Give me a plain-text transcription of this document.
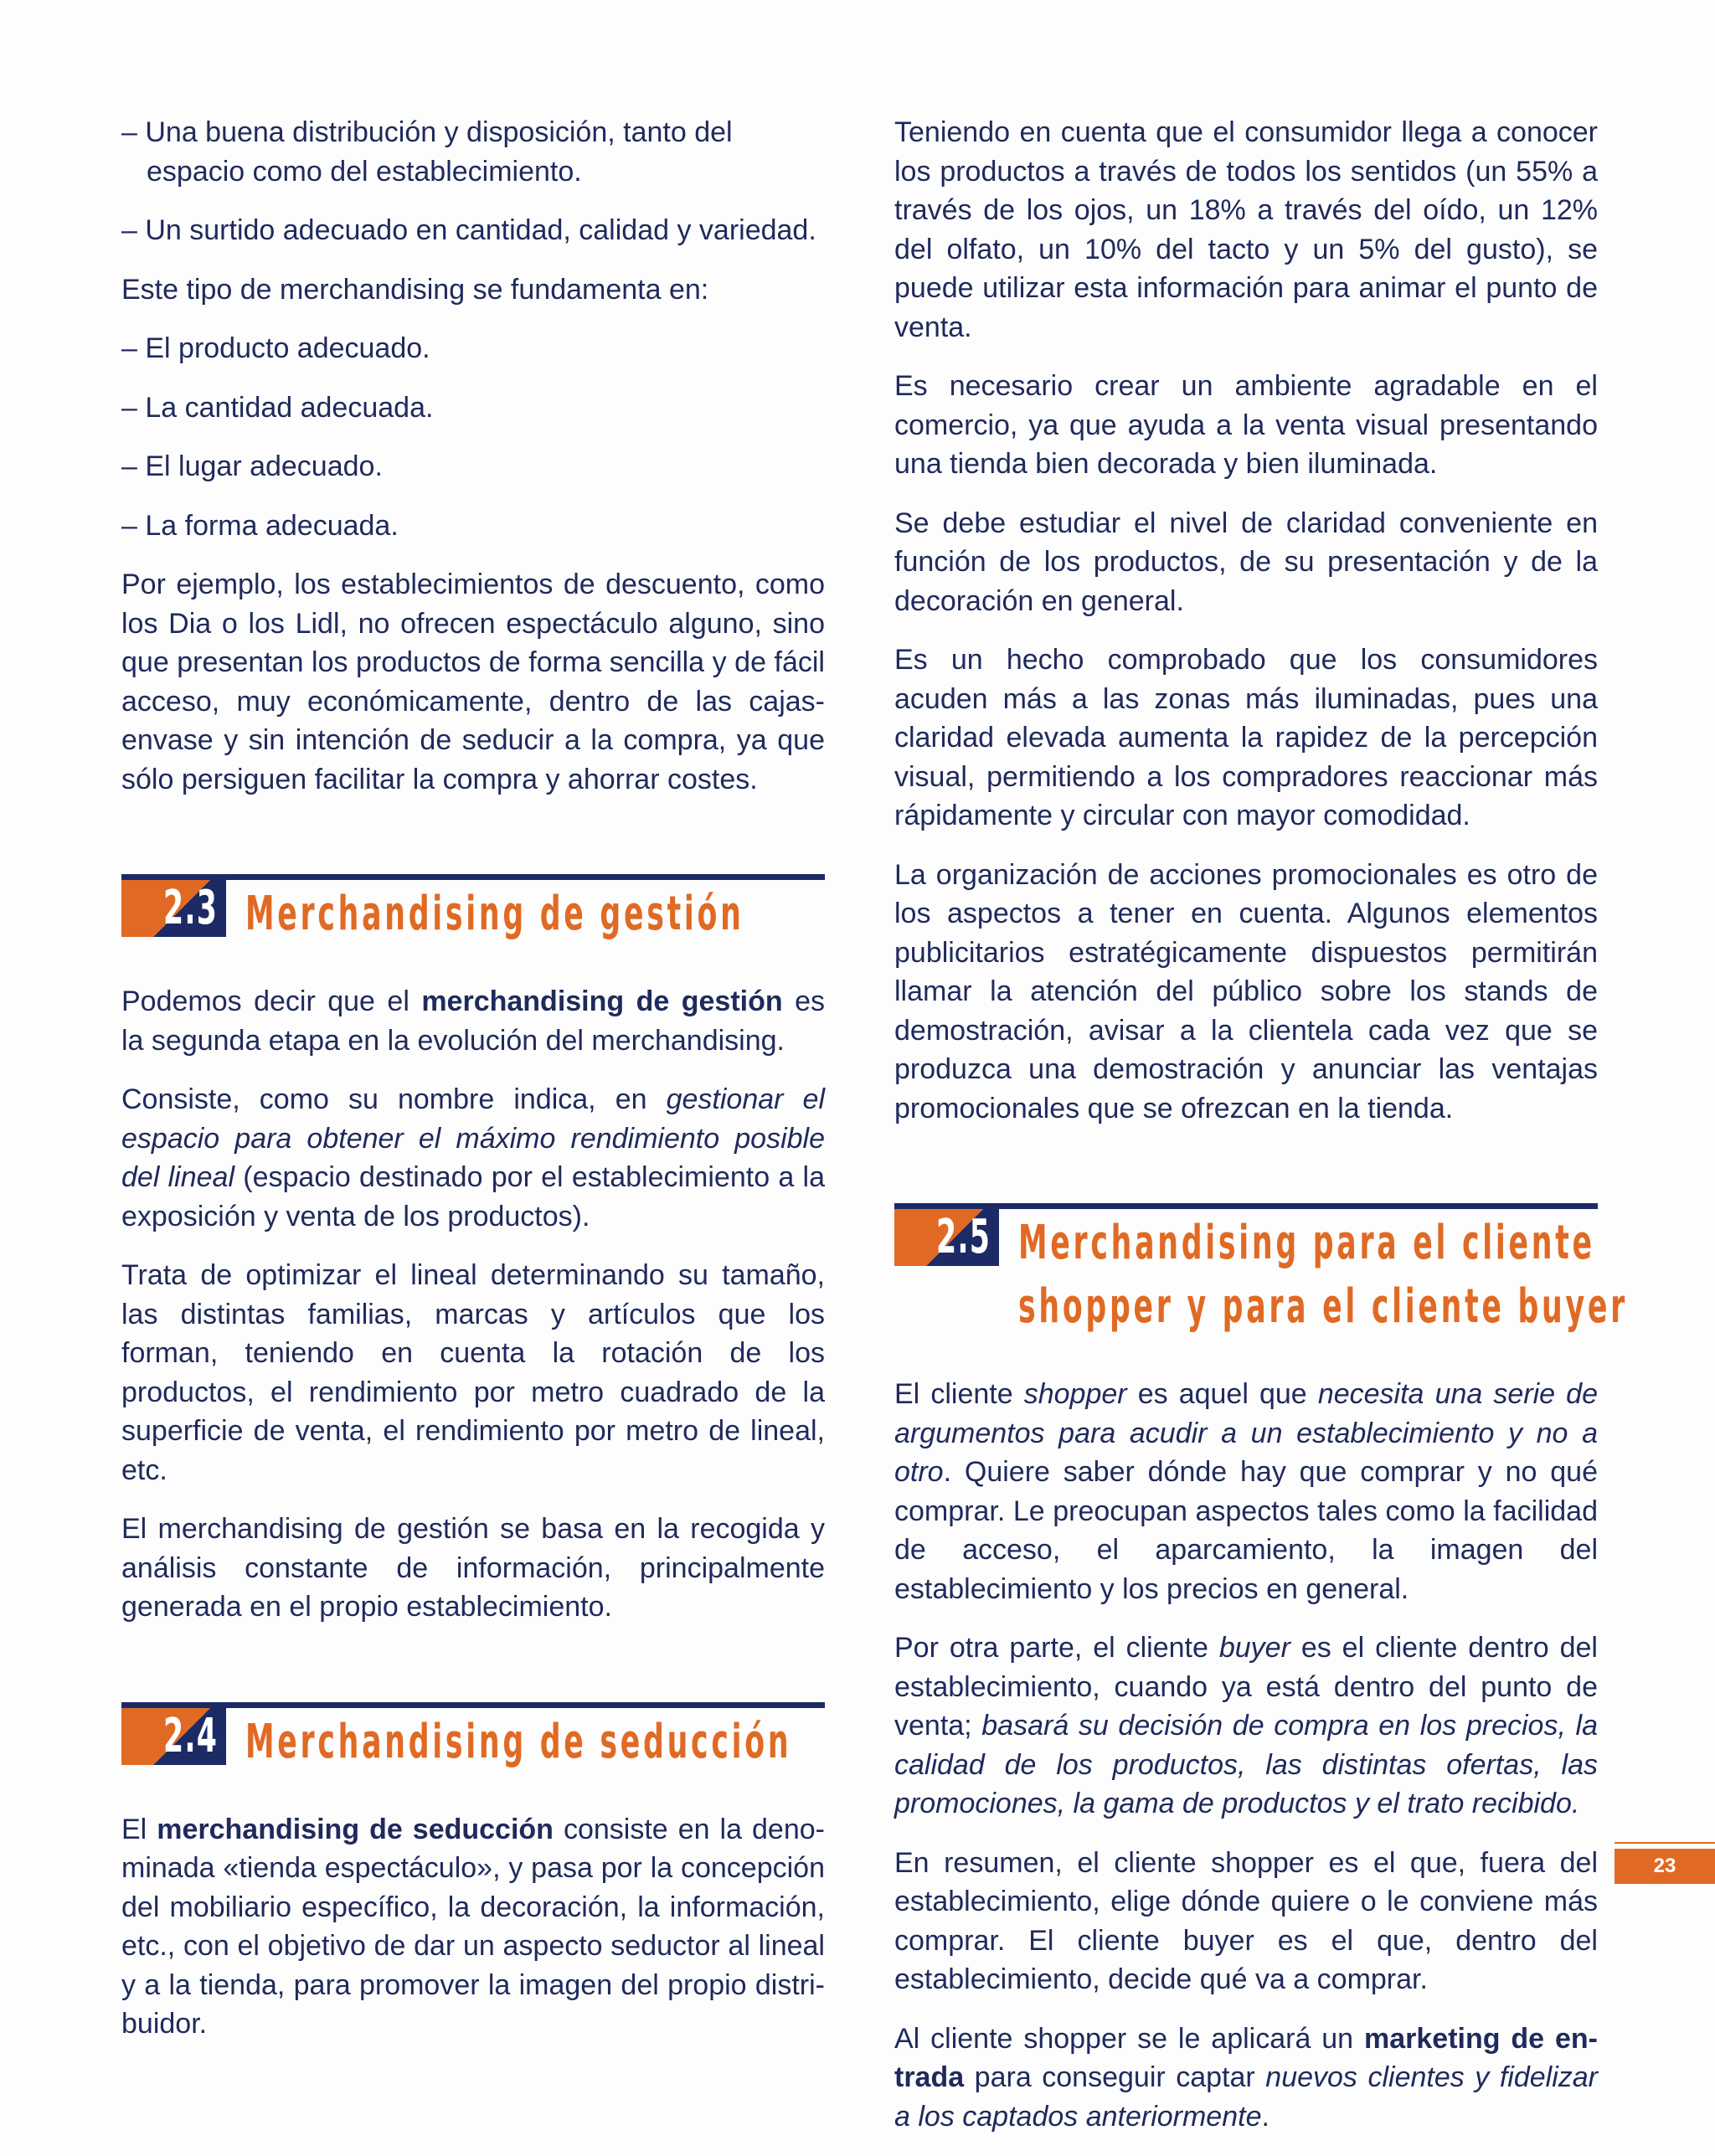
– Una buena distribución y disposición, tanto del espacio como del establecimiento.

– Un surtido adecuado en cantidad, calidad y variedad.

Este tipo de merchandising se fundamenta en:

– El producto adecuado.

– La cantidad adecuada.

– El lugar adecuado.

– La forma adecuada.

Por ejemplo, los establecimientos de descuento, como los Dia o los Lidl, no ofrecen espectáculo alguno, sino que presentan los productos de forma sencilla y de fácil acceso, muy económicamente, dentro de las cajas-envase y sin intención de seducir a la compra, ya que sólo persiguen facilitar la compra y ahorrar costes.

2.3 Merchandising de gestión

Podemos decir que el merchandising de gestión es la segunda etapa en la evolución del merchandising.

Consiste, como su nombre indica, en gestionar el espacio para obtener el máximo rendimiento posible del lineal (espacio destinado por el establecimiento a la exposición y venta de los productos).

Trata de optimizar el lineal determinando su tamaño, las distintas familias, marcas y artículos que los forman, teniendo en cuenta la rotación de los productos, el rendimiento por metro cuadrado de la superficie de venta, el rendimiento por metro de lineal, etc.

El merchandising de gestión se basa en la recogida y análisis constante de información, principalmente generada en el propio establecimiento.

2.4 Merchandising de seducción

El merchandising de seducción consiste en la denominada «tienda espectáculo», y pasa por la concepción del mobiliario específico, la decoración, la información, etc., con el objetivo de dar un aspecto seductor al lineal y a la tienda, para promover la imagen del propio distribuidor.

Teniendo en cuenta que el consumidor llega a conocer los productos a través de todos los sentidos (un 55% a través de los ojos, un 18% a través del oído, un 12% del olfato, un 10% del tacto y un 5% del gusto), se puede utilizar esta información para animar el punto de venta.

Es necesario crear un ambiente agradable en el comercio, ya que ayuda a la venta visual presentando una tienda bien decorada y bien iluminada.

Se debe estudiar el nivel de claridad conveniente en función de los productos, de su presentación y de la decoración en general.

Es un hecho comprobado que los consumidores acuden más a las zonas más iluminadas, pues una claridad elevada aumenta la rapidez de la percepción visual, permitiendo a los compradores reaccionar más rápidamente y circular con mayor comodidad.

La organización de acciones promocionales es otro de los aspectos a tener en cuenta. Algunos elementos publicitarios estratégicamente dispuestos permitirán llamar la atención del público sobre los stands de demostración, avisar a la clientela cada vez que se produzca una demostración y anunciar las ventajas promocionales que se ofrezcan en la tienda.

2.5 Merchandising para el cliente
shopper y para el cliente buyer

El cliente shopper es aquel que necesita una serie de argumentos para acudir a un establecimiento y no a otro. Quiere saber dónde hay que comprar y no qué comprar. Le preocupan aspectos tales como la facilidad de acceso, el aparcamiento, la imagen del establecimiento y los precios en general.

Por otra parte, el cliente buyer es el cliente dentro del establecimiento, cuando ya está dentro del punto de venta; basará su decisión de compra en los precios, la calidad de los productos, las distintas ofertas, las promociones, la gama de productos y el trato recibido.

En resumen, el cliente shopper es el que, fuera del establecimiento, elige dónde quiere o le conviene más comprar. El cliente buyer es el que, dentro del establecimiento, decide qué va a comprar.

Al cliente shopper se le aplicará un marketing de entrada para conseguir captar nuevos clientes y fidelizar a los captados anteriormente.

23
